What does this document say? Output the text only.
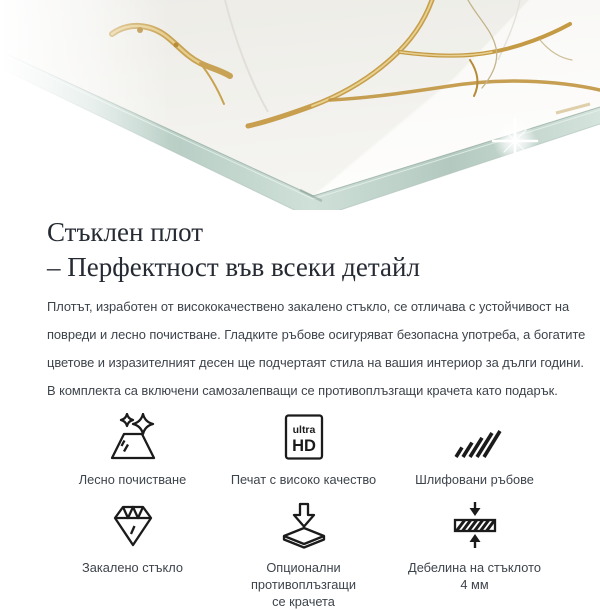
Стъклен плот
– Перфектност във всеки детайл
Плотът, изработен от висококачествено закалено стъкло, се отличава с устойчивост на
повреди и лесно почистване. Гладките ръбове осигуряват безопасна употреба, а богатите
цветове и изразителният десен ще подчертаят стила на вашия интериор за дълги години.
В комплекта са включени самозалепващи се противоплъзгащи крачета като подарък.
Лесно почистване
ultra
HD
Печат с високо качество	Шлифовани ръбове
Закалено стъкло	Опционални противоплъзгащи
се крачета
Дебелина на стъклото
4 мм
